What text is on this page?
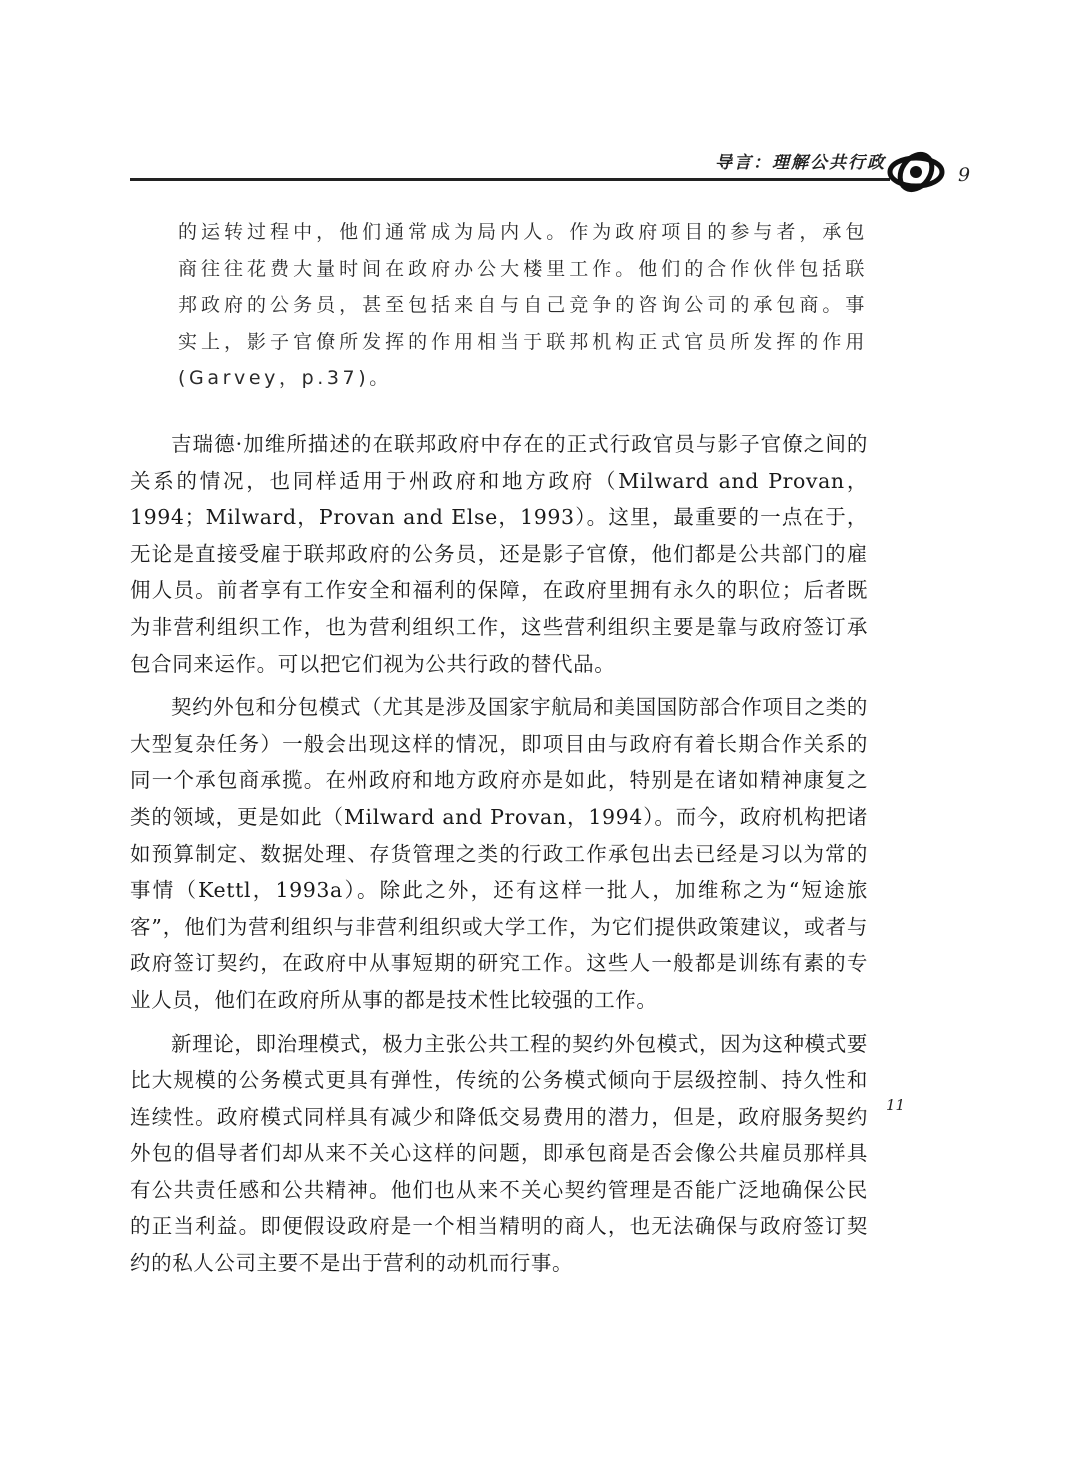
导言：理解公共行政
9
的运转过程中，他们通常成为局内人。作为政府项目的参与者，承包商往往花费大量时间在政府办公大楼里工作。他们的合作伙伴包括联邦政府的公务员，甚至包括来自与自己竞争的咨询公司的承包商。事实上，影子官僚所发挥的作用相当于联邦机构正式官员所发挥的作用(Garvey，p.37)。

吉瑞德·加维所描述的在联邦政府中存在的正式行政官员与影子官僚之间的关系的情况，也同样适用于州政府和地方政府（Milward and Provan，1994；Milward，Provan and Else，1993）。这里，最重要的一点在于，无论是直接受雇于联邦政府的公务员，还是影子官僚，他们都是公共部门的雇佣人员。前者享有工作安全和福利的保障，在政府里拥有永久的职位；后者既为非营利组织工作，也为营利组织工作，这些营利组织主要是靠与政府签订承包合同来运作。可以把它们视为公共行政的替代品。

契约外包和分包模式（尤其是涉及国家宇航局和美国国防部合作项目之类的大型复杂任务）一般会出现这样的情况，即项目由与政府有着长期合作关系的同一个承包商承揽。在州政府和地方政府亦是如此，特别是在诸如精神康复之类的领域，更是如此（Milward and Provan，1994）。而今，政府机构把诸如预算制定、数据处理、存货管理之类的行政工作承包出去已经是习以为常的事情（Kettl，1993a）。除此之外，还有这样一批人，加维称之为“短途旅客”，他们为营利组织与非营利组织或大学工作，为它们提供政策建议，或者与政府签订契约，在政府中从事短期的研究工作。这些人一般都是训练有素的专业人员，他们在政府所从事的都是技术性比较强的工作。

新理论，即治理模式，极力主张公共工程的契约外包模式，因为这种模式要比大规模的公务模式更具有弹性，传统的公务模式倾向于层级控制、持久性和连续性。政府模式同样具有减少和降低交易费用的潜力，但是，政府服务契约外包的倡导者们却从来不关心这样的问题，即承包商是否会像公共雇员那样具有公共责任感和公共精神。他们也从来不关心契约管理是否能广泛地确保公民的正当利益。即便假设政府是一个相当精明的商人，也无法确保与政府签订契约的私人公司主要不是出于营利的动机而行事。

11
